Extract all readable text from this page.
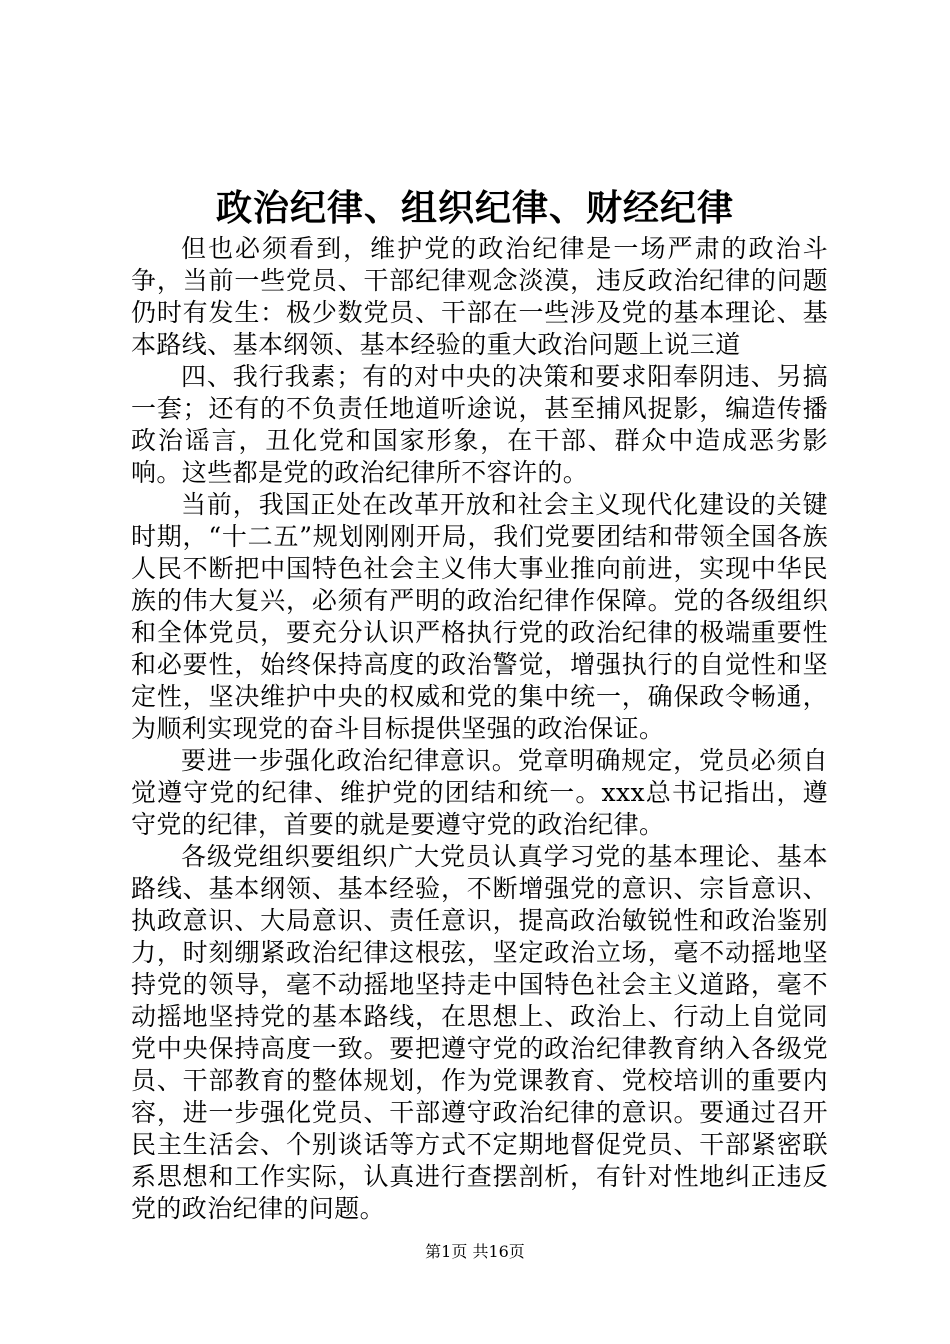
政治纪律、组织纪律、财经纪律

但也必须看到，维护党的政治纪律是一场严肃的政治斗争，当前一些党员、干部纪律观念淡漠，违反政治纪律的问题仍时有发生：极少数党员、干部在一些涉及党的基本理论、基本路线、基本纲领、基本经验的重大政治问题上说三道

四、我行我素；有的对中央的决策和要求阳奉阴违、另搞一套；还有的不负责任地道听途说，甚至捕风捉影，编造传播政治谣言，丑化党和国家形象，在干部、群众中造成恶劣影响。这些都是党的政治纪律所不容许的。

当前，我国正处在改革开放和社会主义现代化建设的关键时期，“十二五”规划刚刚开局，我们党要团结和带领全国各族人民不断把中国特色社会主义伟大事业推向前进，实现中华民族的伟大复兴，必须有严明的政治纪律作保障。党的各级组织和全体党员，要充分认识严格执行党的政治纪律的极端重要性和必要性，始终保持高度的政治警觉，增强执行的自觉性和坚定性，坚决维护中央的权威和党的集中统一，确保政令畅通，为顺利实现党的奋斗目标提供坚强的政治保证。

要进一步强化政治纪律意识。党章明确规定，党员必须自觉遵守党的纪律、维护党的团结和统一。xxx总书记指出，遵守党的纪律，首要的就是要遵守党的政治纪律。

各级党组织要组织广大党员认真学习党的基本理论、基本路线、基本纲领、基本经验，不断增强党的意识、宗旨意识、执政意识、大局意识、责任意识，提高政治敏锐性和政治鉴别力，时刻绷紧政治纪律这根弦，坚定政治立场，毫不动摇地坚持党的领导，毫不动摇地坚持走中国特色社会主义道路，毫不动摇地坚持党的基本路线，在思想上、政治上、行动上自觉同党中央保持高度一致。要把遵守党的政治纪律教育纳入各级党员、干部教育的整体规划，作为党课教育、党校培训的重要内容，进一步强化党员、干部遵守政治纪律的意识。要通过召开民主生活会、个别谈话等方式不定期地督促党员、干部紧密联系思想和工作实际，认真进行查摆剖析，有针对性地纠正违反党的政治纪律的问题。

第1页 共16页
